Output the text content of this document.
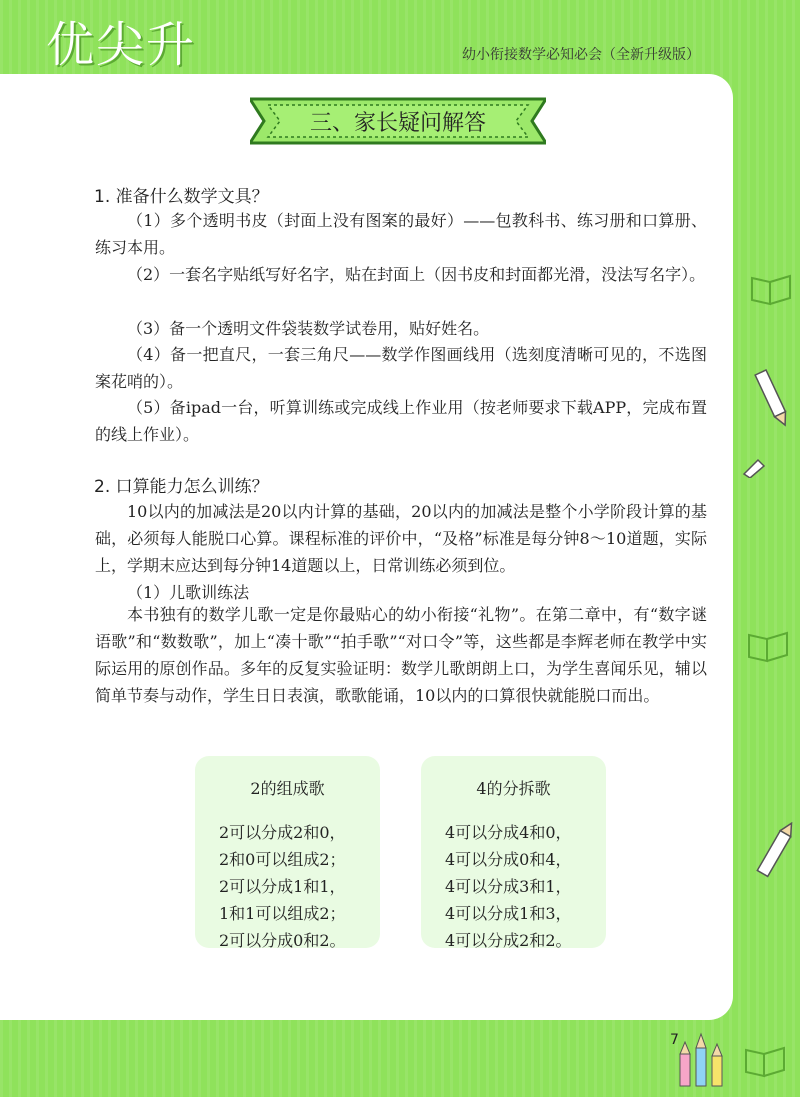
优尖升	幼小衔接数学必知必会（全新升级版）
三、家长疑问解答
1. 准备什么数学文具？
（1）多个透明书皮（封面上没有图案的最好）——包教科书、练习册和口算册、练习本用。
（2）一套名字贴纸写好名字，贴在封面上（因书皮和封面都光滑，没法写名字）。
（3）备一个透明文件袋装数学试卷用，贴好姓名。
（4）备一把直尺，一套三角尺——数学作图画线用（选刻度清晰可见的，不选图案花哨的）。
（5）备ipad一台，听算训练或完成线上作业用（按老师要求下载APP，完成布置的线上作业）。
2. 口算能力怎么训练？
10以内的加减法是20以内计算的基础，20以内的加减法是整个小学阶段计算的基础，必须每人能脱口心算。课程标准的评价中，“及格”标准是每分钟8～10道题，实际上，学期末应达到每分钟14道题以上，日常训练必须到位。
（1）儿歌训练法
本书独有的数学儿歌一定是你最贴心的幼小衔接“礼物”。在第二章中，有“数字谜语歌”和“数数歌”，加上“凑十歌”“拍手歌”“对口令”等，这些都是李辉老师在教学中实际运用的原创作品。多年的反复实验证明：数学儿歌朗朗上口，为学生喜闻乐见，辅以简单节奏与动作，学生日日表演，歌歌能诵，10以内的口算很快就能脱口而出。
2的组成歌
2可以分成2和0，
2和0可以组成2；
2可以分成1和1，
1和1可以组成2；
2可以分成0和2。
4的分拆歌
4可以分成4和0，
4可以分成0和4，
4可以分成3和1，
4可以分成1和3，
4可以分成2和2。
7
